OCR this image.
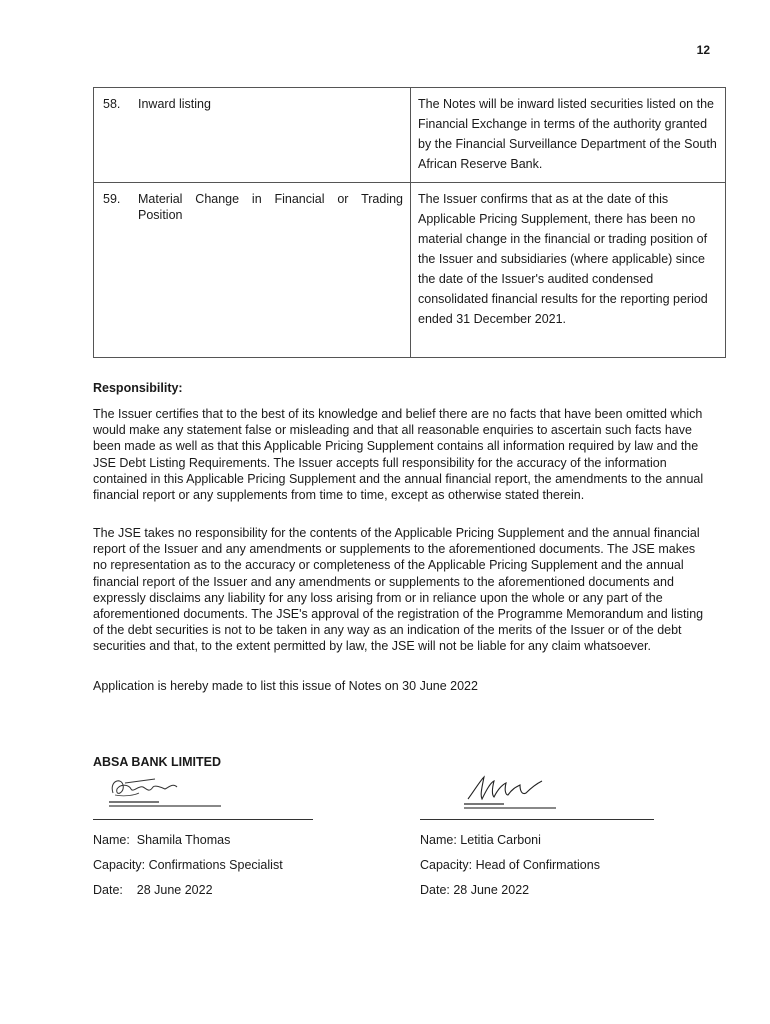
12
58. Inward listing	The Notes will be inward listed securities listed on the Financial Exchange in terms of the authority granted by the Financial Surveillance Department of the South African Reserve Bank.

59. Material Change in Financial or Trading Position	The Issuer confirms that as at the date of this Applicable Pricing Supplement, there has been no material change in the financial or trading position of the Issuer and subsidiaries (where applicable) since the date of the Issuer's audited condensed consolidated financial results for the reporting period ended 31 December 2021.
Responsibility:

The Issuer certifies that to the best of its knowledge and belief there are no facts that have been omitted which would make any statement false or misleading and that all reasonable enquiries to ascertain such facts have been made as well as that this Applicable Pricing Supplement contains all information required by law and the JSE Debt Listing Requirements. The Issuer accepts full responsibility for the accuracy of the information contained in this Applicable Pricing Supplement and the annual financial report, the amendments to the annual financial report or any supplements from time to time, except as otherwise stated therein.

The JSE takes no responsibility for the contents of the Applicable Pricing Supplement and the annual financial report of the Issuer and any amendments or supplements to the aforementioned documents. The JSE makes no representation as to the accuracy or completeness of the Applicable Pricing Supplement and the annual financial report of the Issuer and any amendments or supplements to the aforementioned documents and expressly disclaims any liability for any loss arising from or in reliance upon the whole or any part of the aforementioned documents. The JSE's approval of the registration of the Programme Memorandum and listing of the debt securities is not to be taken in any way as an indication of the merits of the Issuer or of the debt securities and that, to the extent permitted by law, the JSE will not be liable for any claim whatsoever.

Application is hereby made to list this issue of Notes on 30 June 2022

ABSA BANK LIMITED
Name:  Shamila Thomas
Capacity: Confirmations Specialist
Date:    28 June 2022
Name: Letitia Carboni
Capacity: Head of Confirmations
Date: 28 June 2022
